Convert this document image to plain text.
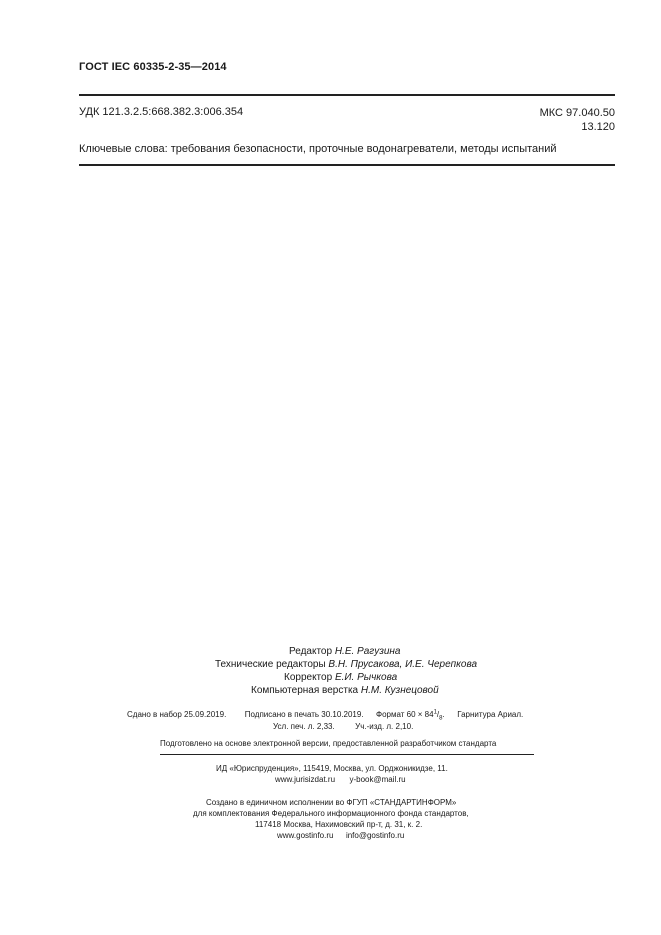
ГОСТ IEC 60335-2-35—2014
УДК 121.3.2.5:668.382.3:006.354	МКС 97.040.50
13.120
Ключевые слова: требования безопасности, проточные водонагреватели, методы испытаний
Редактор Н.Е. Рагузина
Технические редакторы В.Н. Прусакова, И.Е. Черепкова
Корректор Е.И. Рычкова
Компьютерная верстка Н.М. Кузнецовой
Сдано в набор 25.09.2019. Подписано в печать 30.10.2019. Формат $60 \times 84^1/_8$. Гарнитура Ариал.
Усл. печ. л. 2,33.	Уч.-изд. л. 2,10.
Подготовлено на основе электронной версии, предоставленной разработчиком стандарта
ИД «Юриспруденция», 115419, Москва, ул. Орджоникидзе, 11.
www.jurisizdat.ru y-book@mail.ru
Создано в единичном исполнении во ФГУП «СТАНДАРТИНФОРМ»
для комплектования Федерального информационного фонда стандартов,
117418 Москва, Нахимовский пр-т, д. 31, к. 2.
www.gostinfo.ru info@gostinfo.ru
